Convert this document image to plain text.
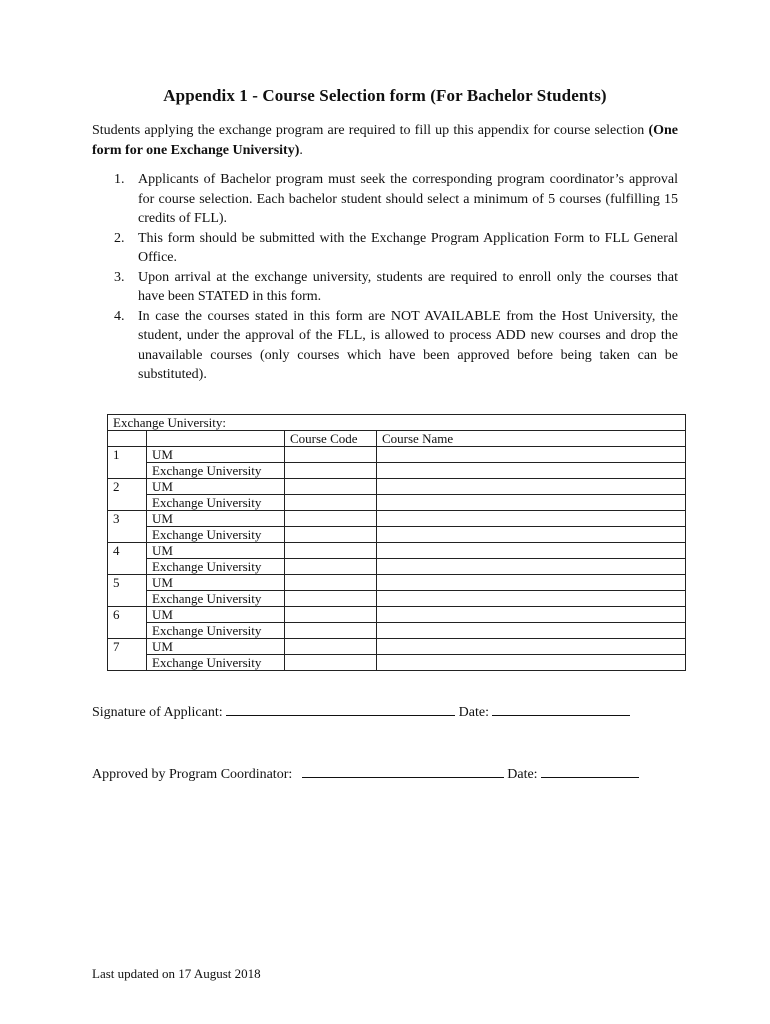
Appendix 1 - Course Selection form (For Bachelor Students)
Students applying the exchange program are required to fill up this appendix for course selection (One form for one Exchange University).
1. Applicants of Bachelor program must seek the corresponding program coordinator’s approval for course selection. Each bachelor student should select a minimum of 5 courses (fulfilling 15 credits of FLL).
2. This form should be submitted with the Exchange Program Application Form to FLL General Office.
3. Upon arrival at the exchange university, students are required to enroll only the courses that have been STATED in this form.
4. In case the courses stated in this form are NOT AVAILABLE from the Host University, the student, under the approval of the FLL, is allowed to process ADD new courses and drop the unavailable courses (only courses which have been approved before being taken can be substituted).
Exchange University:			
		Course Code	Course Name
1	UM		
	Exchange University		
2	UM		
	Exchange University		
3	UM		
	Exchange University		
4	UM		
	Exchange University		
5	UM		
	Exchange University		
6	UM		
	Exchange University		
7	UM		
	Exchange University		
Signature of Applicant:	Date:
Approved by Program Coordinator:	Date:
Last updated on 17 August 2018
